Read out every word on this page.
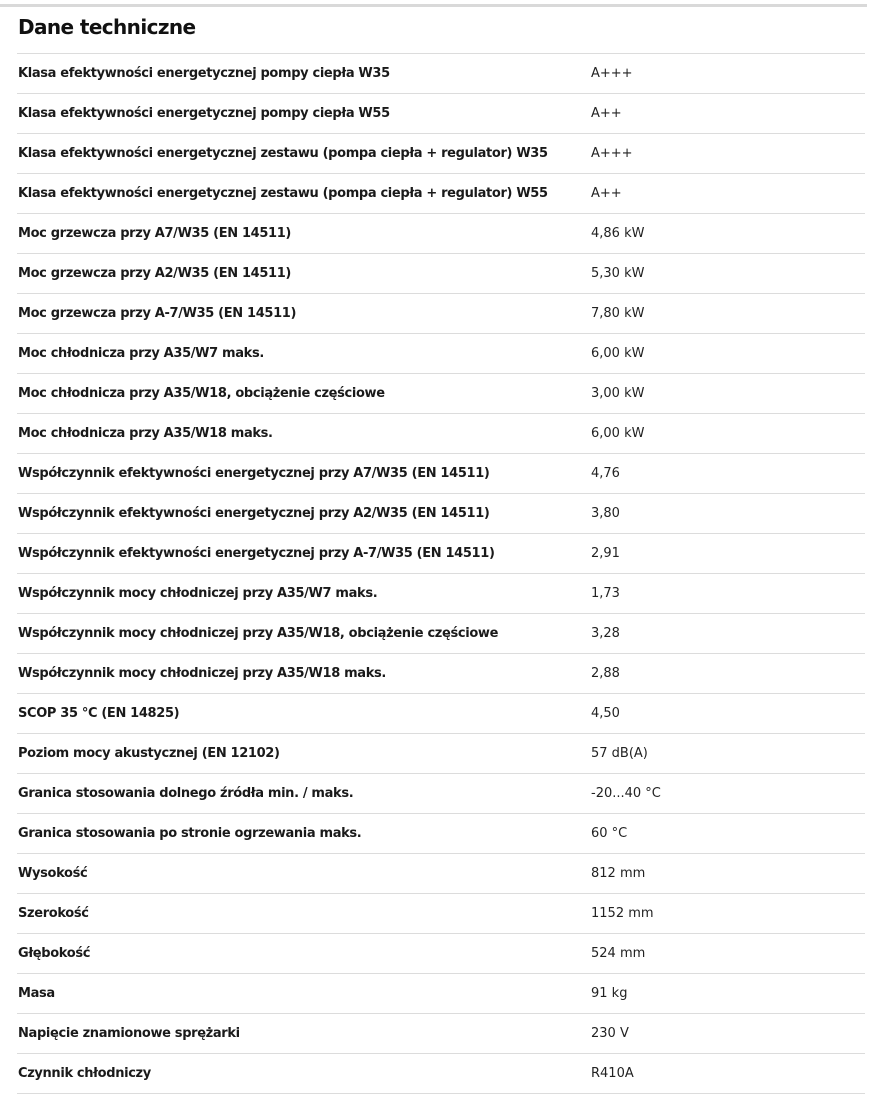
Dane techniczne
Klasa efektywności energetycznej pompy ciepła W35	A+++
Klasa efektywności energetycznej pompy ciepła W55	A++
Klasa efektywności energetycznej zestawu (pompa ciepła + regulator) W35	A+++
Klasa efektywności energetycznej zestawu (pompa ciepła + regulator) W55	A++
Moc grzewcza przy A7/W35 (EN 14511)	4,86 kW
Moc grzewcza przy A2/W35 (EN 14511)	5,30 kW
Moc grzewcza przy A-7/W35 (EN 14511)	7,80 kW
Moc chłodnicza przy A35/W7 maks.	6,00 kW
Moc chłodnicza przy A35/W18, obciążenie częściowe	3,00 kW
Moc chłodnicza przy A35/W18 maks.	6,00 kW
Współczynnik efektywności energetycznej przy A7/W35 (EN 14511)	4,76
Współczynnik efektywności energetycznej przy A2/W35 (EN 14511)	3,80
Współczynnik efektywności energetycznej przy A-7/W35 (EN 14511)	2,91
Współczynnik mocy chłodniczej przy A35/W7 maks.	1,73
Współczynnik mocy chłodniczej przy A35/W18, obciążenie częściowe	3,28
Współczynnik mocy chłodniczej przy A35/W18 maks.	2,88
SCOP 35 °C (EN 14825)	4,50
Poziom mocy akustycznej (EN 12102)	57 dB(A)
Granica stosowania dolnego źródła min. / maks.	-20...40 °C
Granica stosowania po stronie ogrzewania maks.	60 °C
Wysokość	812 mm
Szerokość	1152 mm
Głębokość	524 mm
Masa	91 kg
Napięcie znamionowe sprężarki	230 V
Czynnik chłodniczy	R410A
